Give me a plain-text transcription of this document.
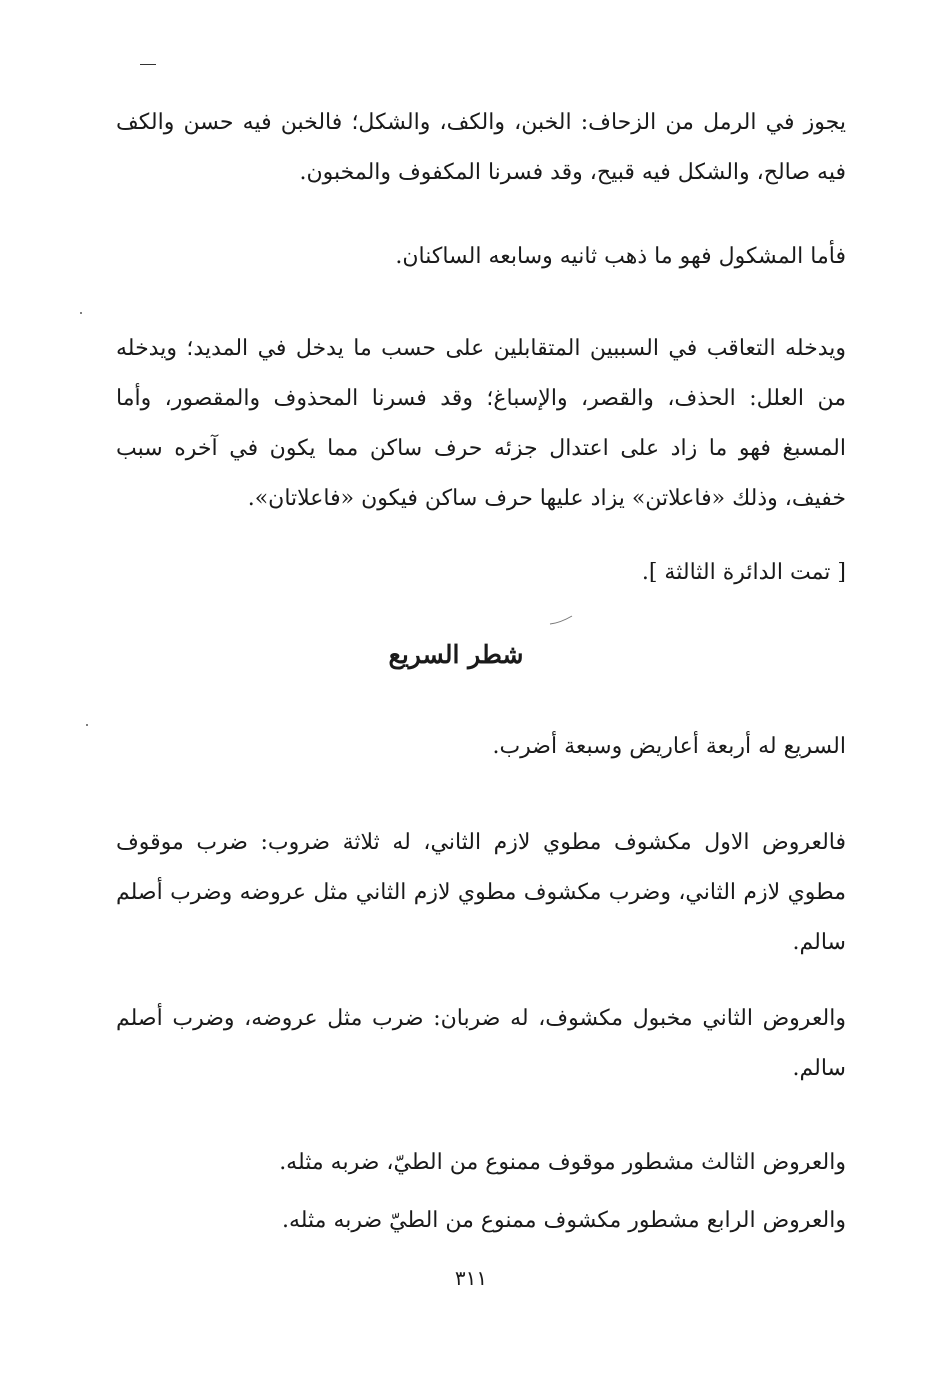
يجوز في الرمل من الزحاف: الخبن، والكف، والشكل؛ فالخبن فيه حسن والكف فيه صالح، والشكل فيه قبيح، وقد فسرنا المكفوف والمخبون.

فأما المشكول فهو ما ذهب ثانيه وسابعه الساكنان.

ويدخله التعاقب في السببين المتقابلين على حسب ما يدخل في المديد؛ ويدخله من العلل: الحذف، والقصر، والإسباغ؛ وقد فسرنا المحذوف والمقصور، وأما المسبغ فهو ما زاد على اعتدال جزئه حرف ساكن مما يكون في آخره سبب خفيف، وذلك «فاعلاتن» يزاد عليها حرف ساكن فيكون «فاعلاتان».

[ تمت الدائرة الثالثة ].

شطر السريع

السريع له أربعة أعاريض وسبعة أضرب.

فالعروض الاول مكشوف مطوي لازم الثاني، له ثلاثة ضروب: ضرب موقوف مطوي لازم الثاني، وضرب مكشوف مطوي لازم الثاني مثل عروضه وضرب أصلم سالم.

والعروض الثاني مخبول مكشوف، له ضربان: ضرب مثل عروضه، وضرب أصلم سالم.

والعروض الثالث مشطور موقوف ممنوع من الطيّ، ضربه مثله.

والعروض الرابع مشطور مكشوف ممنوع من الطيّ ضربه مثله.

٣١١
